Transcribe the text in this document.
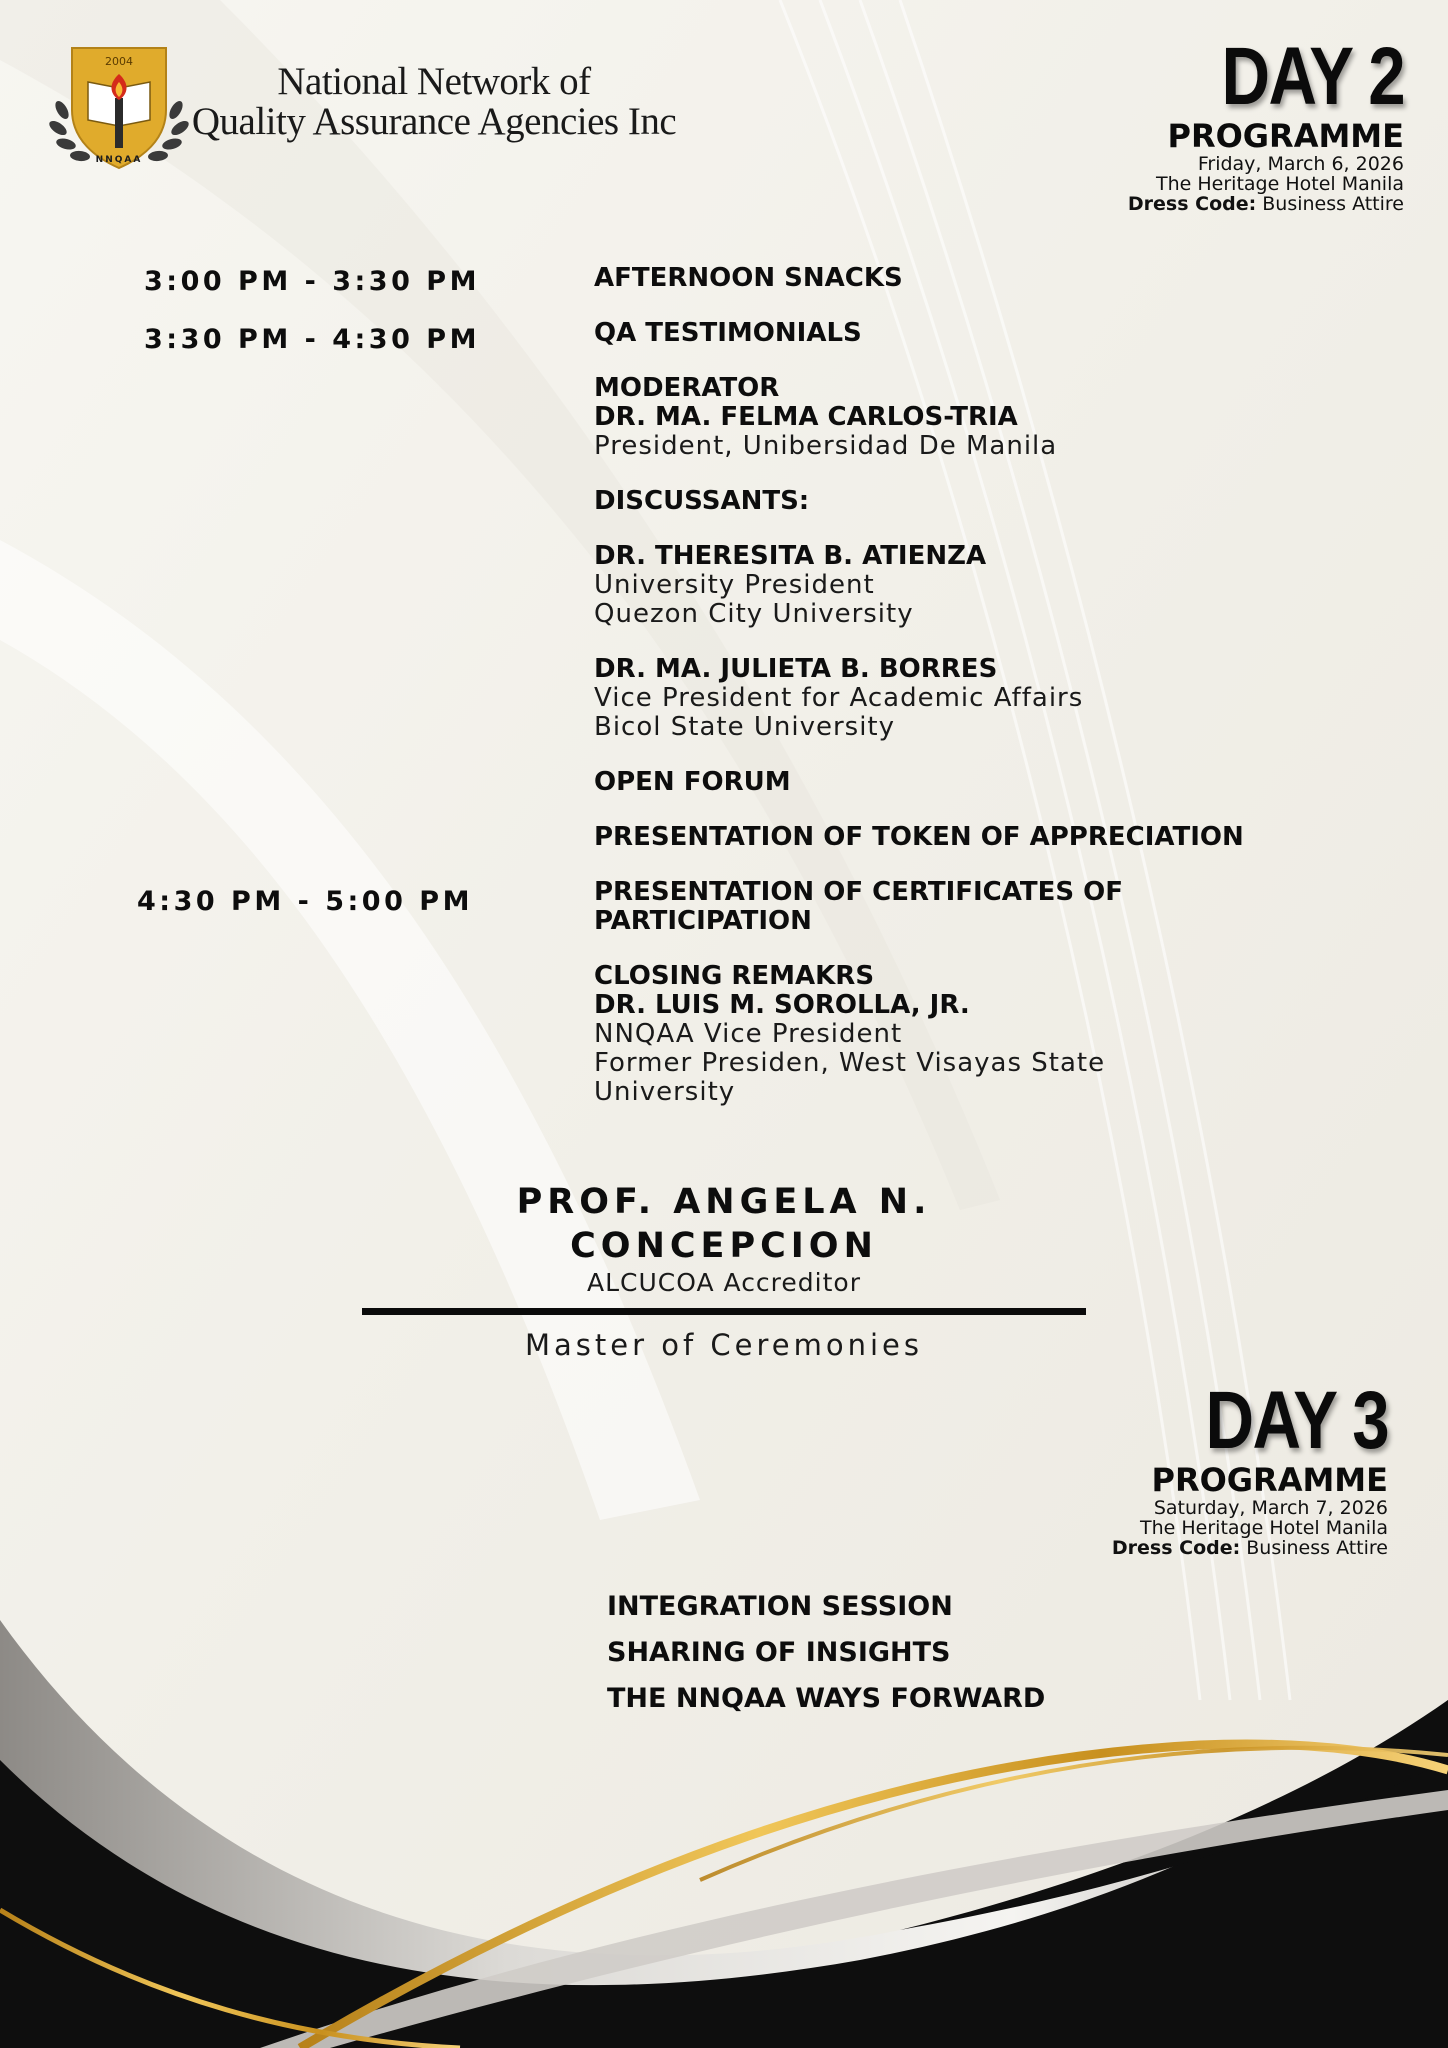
2004
NNQAA
National Network of
Quality Assurance Agencies Inc	DAY 2
PROGRAMME
Friday, March 6, 2026
The Heritage Hotel Manila
Dress Code: Business Attire
3:00 PM - 3:30 PM
3:30 PM - 4:30 PM
4:30 PM - 5:00 PM
AFTERNOON SNACKS
QA TESTIMONIALS
MODERATOR
DR. MA. FELMA CARLOS-TRIA
President, Unibersidad De Manila
DISCUSSANTS:
DR. THERESITA B. ATIENZA
University President
Quezon City University
DR. MA. JULIETA B. BORRES
Vice President for Academic Affairs
Bicol State University
OPEN FORUM
PRESENTATION OF TOKEN OF APPRECIATION
PRESENTATION OF CERTIFICATES OF
PARTICIPATION
CLOSING REMAKRS
DR. LUIS M. SOROLLA, JR.
NNQAA Vice President
Former Presiden, West Visayas State
University
PROF. ANGELA N. CONCEPCION
ALCUCOA Accreditor
Master of Ceremonies
DAY 3
PROGRAMME
Saturday, March 7, 2026
The Heritage Hotel Manila
Dress Code: Business Attire
INTEGRATION SESSION
SHARING OF INSIGHTS
THE NNQAA WAYS FORWARD
